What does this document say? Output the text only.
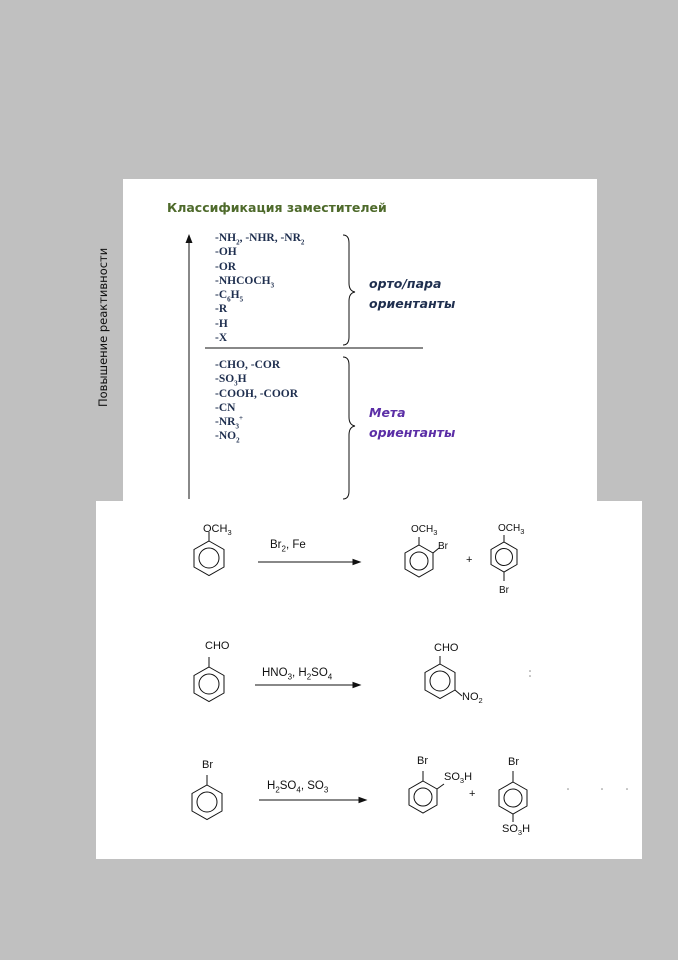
Классификация заместителей
Повышение реактивности
$-NH_2$, -NHR, $-NR_2$
-OH
-OR
$-NHCOCH_3$
$-C_6H_5$
-R
-H
-X
орто/пара
ориентанты
-CHO, -COR
$-SO_3H$
-COOH, -COOR
-CN
$-NR_3^+$
$-NO_2$
Мета
ориентанты
$OCH_3$
$Br_2$, Fe
$OCH_3$
Br
+
$OCH_3$
Br
CHO
$HNO_3$, $H_2SO_4$
CHO
$NO_2$
Br
$H_2SO_4$, $SO_3$
Br
$SO_3H$
+
Br
$SO_3H$
